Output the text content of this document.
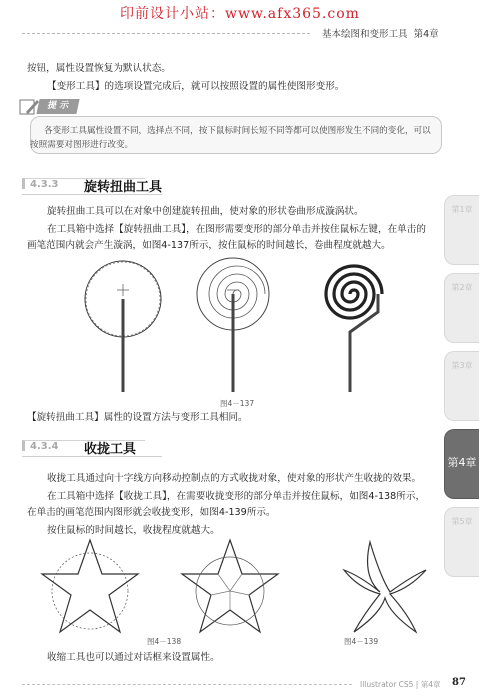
印前设计小站：www.afx365.com
基本绘图和变形工具 第4章
按钮，属性设置恢复为默认状态。
【变形工具】的选项设置完成后，就可以按照设置的属性使图形变形。
提 示
各变形工具属性设置不同，选择点不同，按下鼠标时间长短不同等都可以使图形发生不同的变化，可以按照需要对图形进行改变。
4.3.3 旋转扭曲工具
旋转扭曲工具可以在对象中创建旋转扭曲，使对象的形状卷曲形成漩涡状。
在工具箱中选择【旋转扭曲工具】，在图形需要变形的部分单击并按住鼠标左键，在单击的画笔范围内就会产生漩涡，如图4-137所示，按住鼠标的时间越长，卷曲程度就越大。
图4－137
【旋转扭曲工具】属性的设置方法与变形工具相同。
4.3.4 收拢工具
收拢工具通过向十字线方向移动控制点的方式收拢对象，使对象的形状产生收拢的效果。
在工具箱中选择【收拢工具】，在需要收拢变形的部分单击并按住鼠标，如图4-138所示，在单击的画笔范围内图形就会收拢变形，如图4-139所示。
按住鼠标的时间越长，收拢程度就越大。
图4－138	图4－139
收缩工具也可以通过对话框来设置属性。
第1章
第2章
第3章
第4章
第5章
Illustrator CS5 | 第4章 87
